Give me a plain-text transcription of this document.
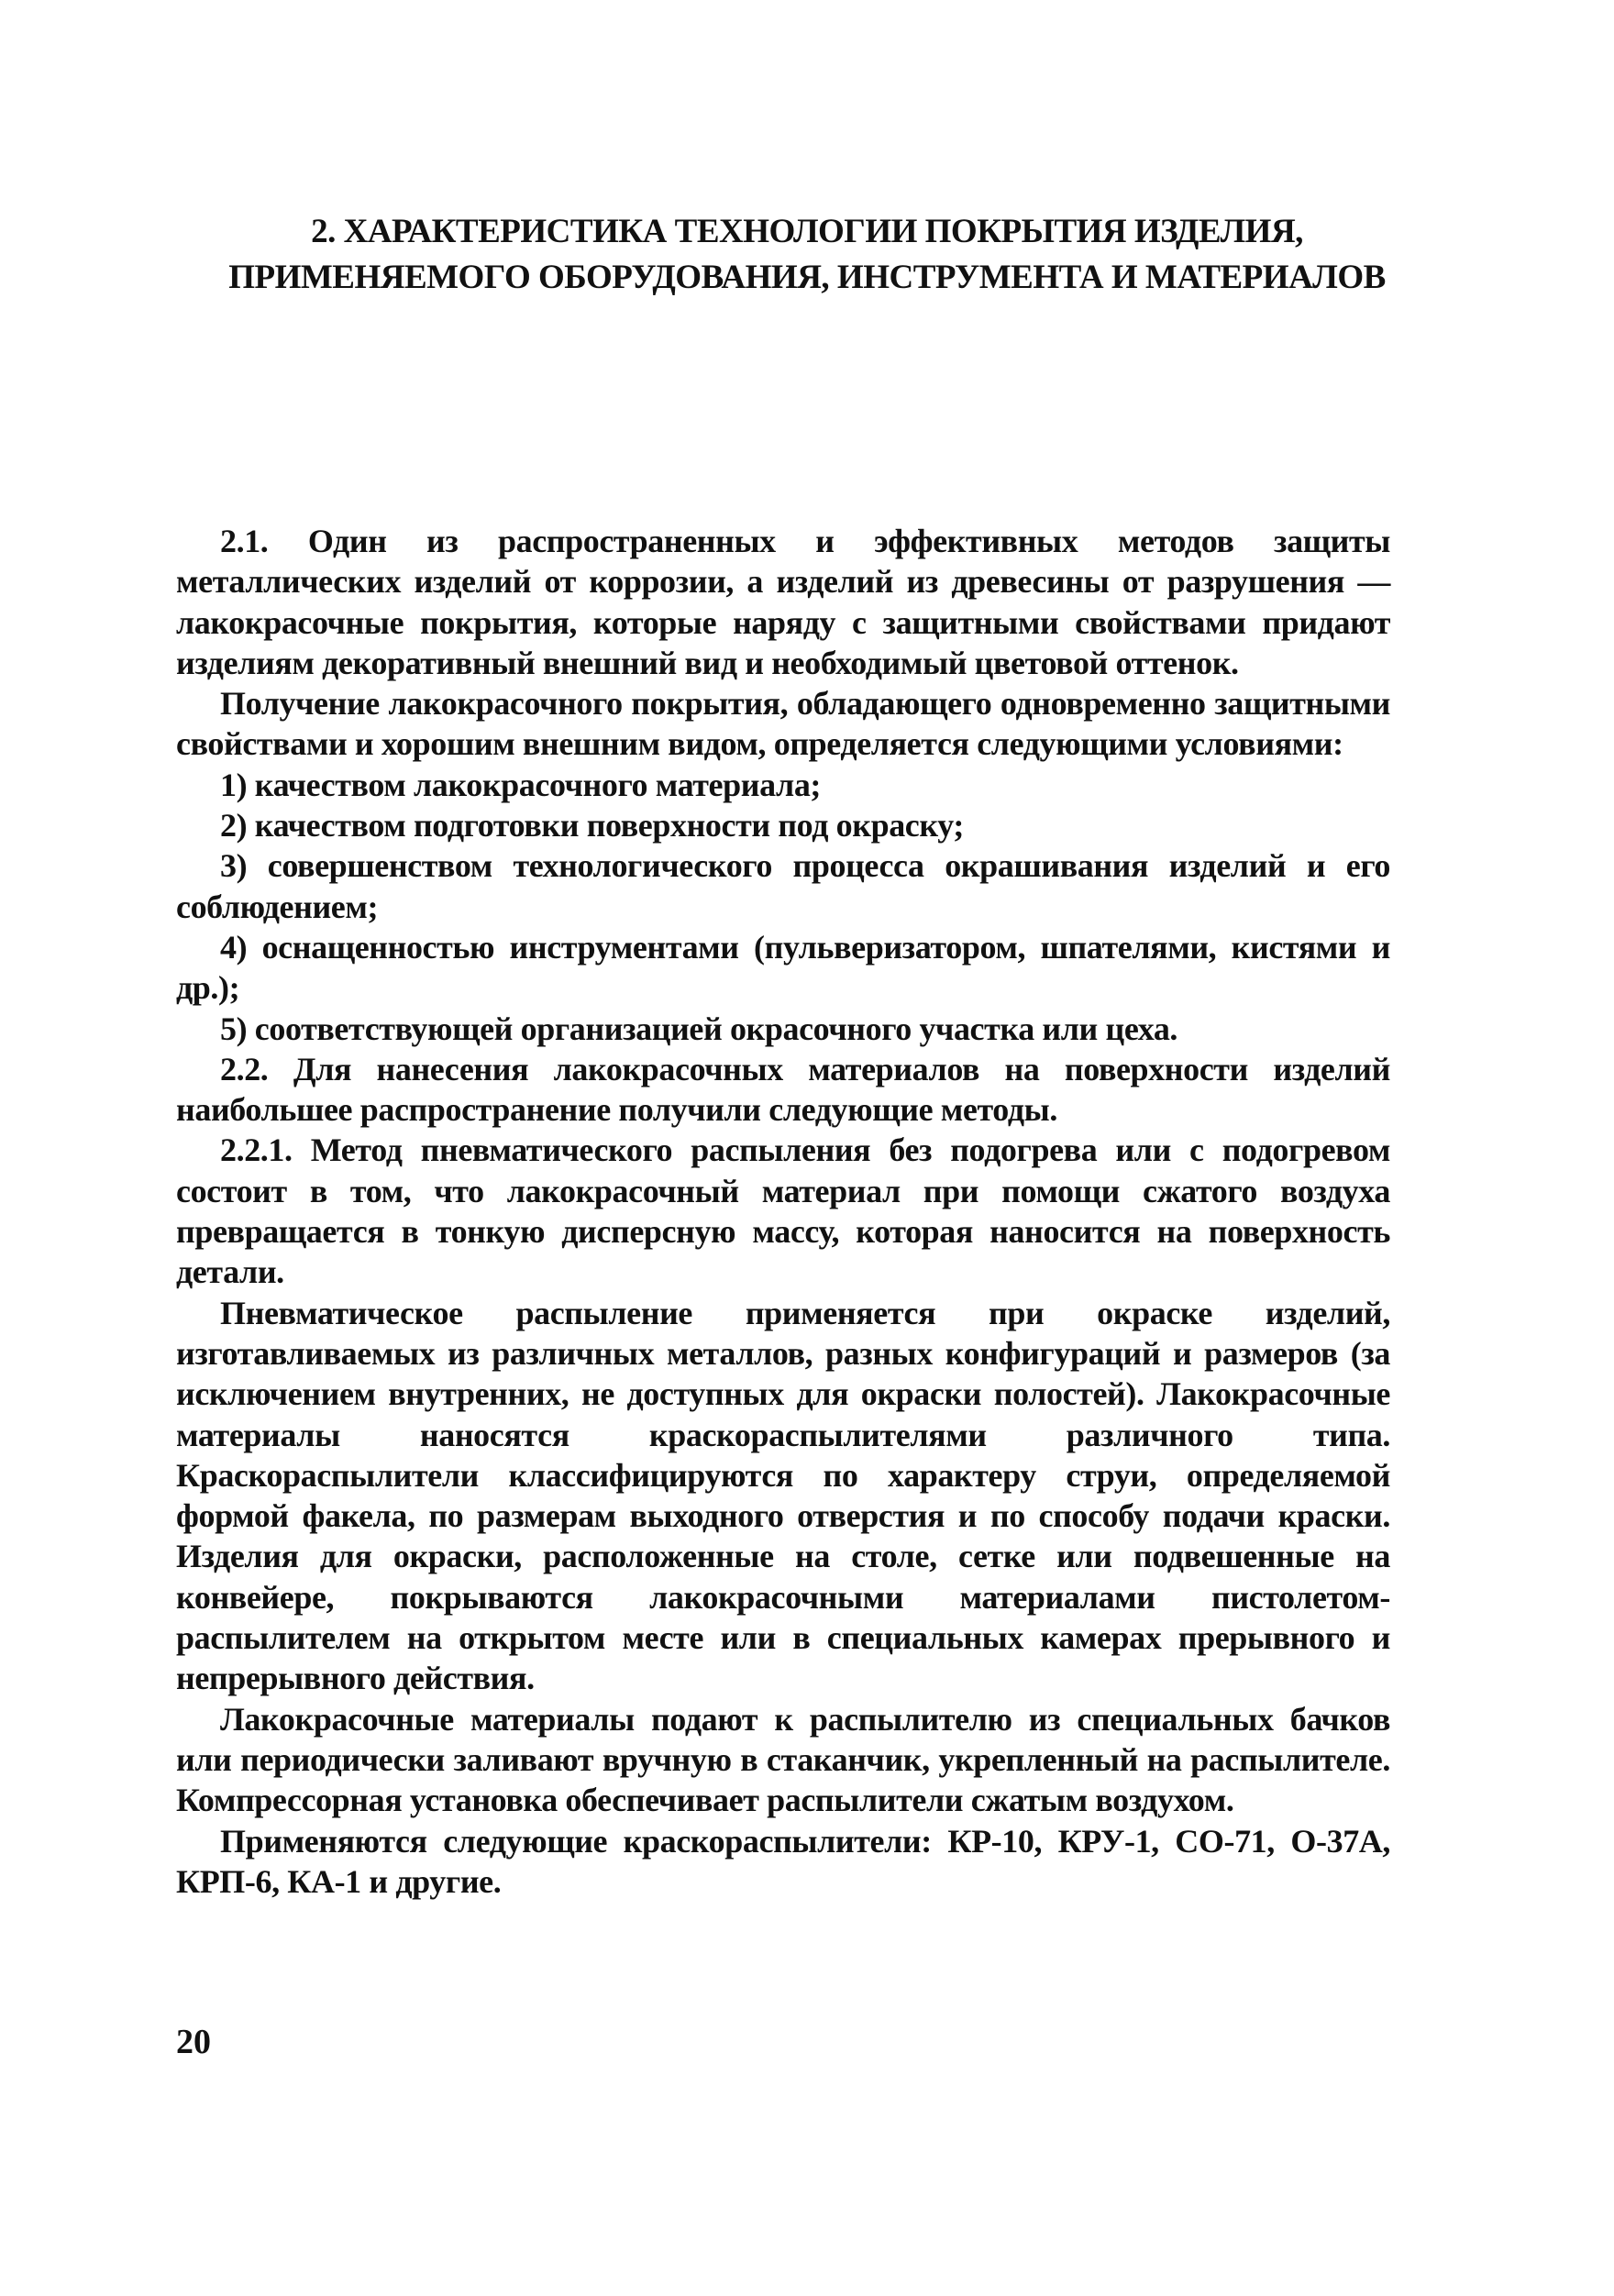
2. ХАРАКТЕРИСТИКА ТЕХНОЛОГИИ ПОКРЫТИЯ ИЗДЕЛИЯ,
ПРИМЕНЯЕМОГО ОБОРУДОВАНИЯ, ИНСТРУМЕНТА И МАТЕРИАЛОВ

2.1. Один из распространенных и эффективных методов защиты металлических изделий от коррозии, а изделий из древесины от разрушения — лакокрасочные покрытия, которые наряду с защитными свойствами придают изделиям декоративный внешний вид и необходимый цветовой оттенок.

Получение лакокрасочного покрытия, обладающего одновременно защитными свойствами и хорошим внешним видом, определяется следующими условиями:

1) качеством лакокрасочного материала;

2) качеством подготовки поверхности под окраску;

3) совершенством технологического процесса окрашивания изделий и его соблюдением;

4) оснащенностью инструментами (пульверизатором, шпателями, кистями и др.);

5) соответствующей организацией окрасочного участка или цеха.

2.2. Для нанесения лакокрасочных материалов на поверхности изделий наибольшее распространение получили следующие методы.

2.2.1. Метод пневматического распыления без подогрева или с подогревом состоит в том, что лакокрасочный материал при помощи сжатого воздуха превращается в тонкую дисперсную массу, которая наносится на поверхность детали.

Пневматическое распыление применяется при окраске изделий, изготавливаемых из различных металлов, разных конфигураций и размеров (за исключением внутренних, не доступных для окраски полостей). Лакокрасочные материалы наносятся краскораспылителями различного типа. Краскораспылители классифицируются по характеру струи, определяемой формой факела, по размерам выходного отверстия и по способу подачи краски. Изделия для окраски, расположенные на столе, сетке или подвешенные на конвейере, покрываются лакокрасочными материалами пистолетом-распылителем на открытом месте или в специальных камерах прерывного и непрерывного действия.

Лакокрасочные материалы подают к распылителю из специальных бачков или периодически заливают вручную в стаканчик, укрепленный на распылителе. Компрессорная установка обеспечивает распылители сжатым воздухом.

Применяются следующие краскораспылители: КР-10, КРУ-1, СО-71, О-37А, КРП-6, КА-1 и другие.

20
